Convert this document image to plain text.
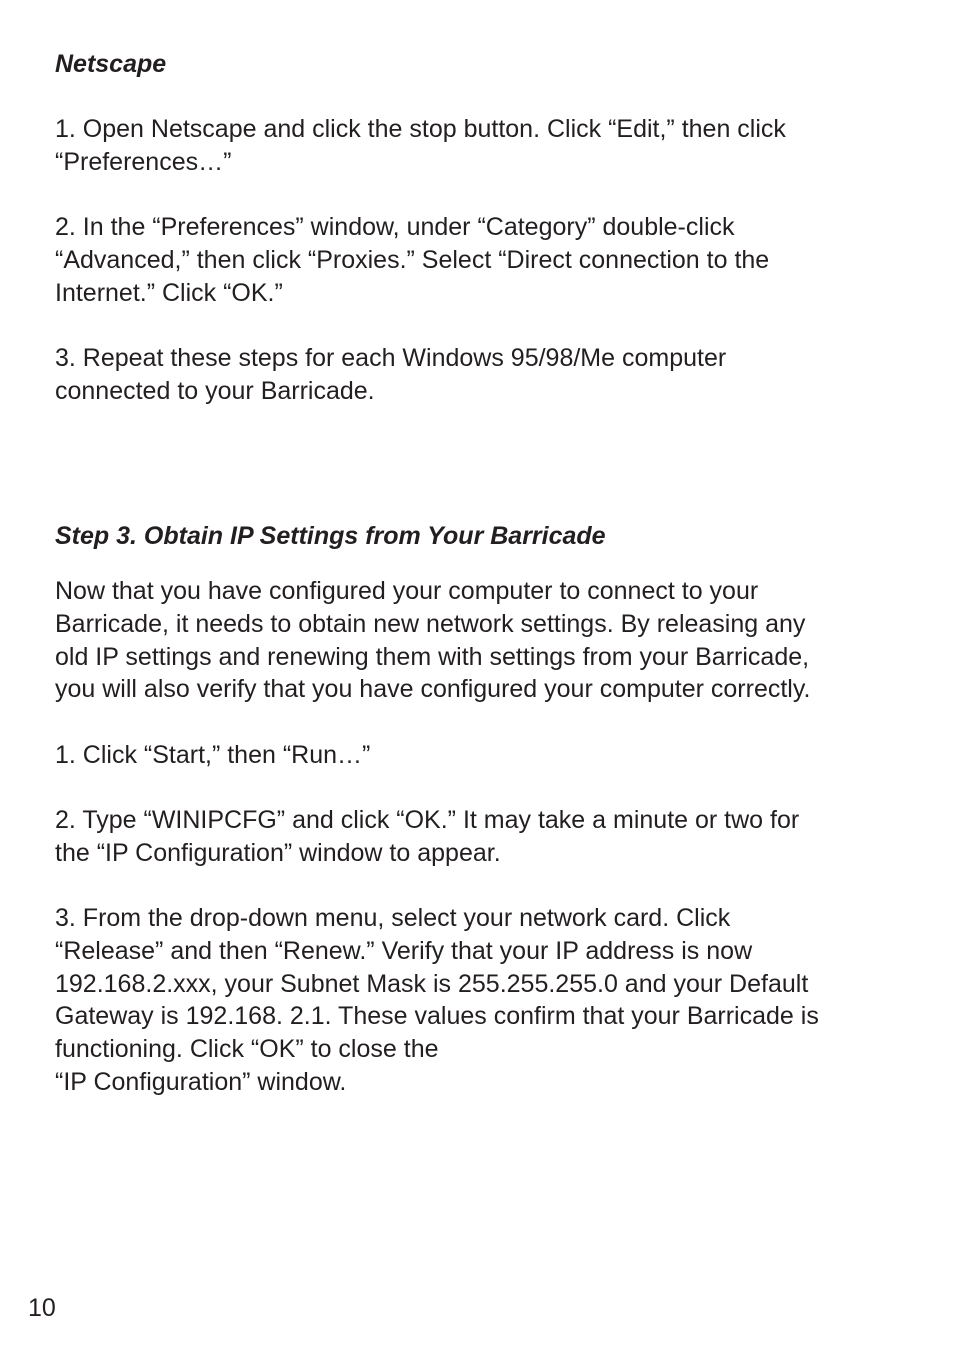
Netscape

1. Open Netscape and click the stop button. Click “Edit,” then click
“Preferences…”

2. In the “Preferences” window, under “Category” double-click
“Advanced,” then click “Proxies.” Select “Direct connection to the
Internet.” Click “OK.”

3. Repeat these steps for each Windows 95/98/Me computer
connected to your Barricade.

Step 3. Obtain IP Settings from Your Barricade

Now that you have configured your computer to connect to your
Barricade, it needs to obtain new network settings. By releasing any
old IP settings and renewing them with settings from your Barricade,
you will also verify that you have configured your computer correctly.

1. Click “Start,” then “Run…”

2. Type “WINIPCFG” and click “OK.” It may take a minute or two for
the “IP Configuration” window to appear.

3. From the drop-down menu, select your network card. Click
“Release” and then “Renew.” Verify that your IP address is now
192.168.2.xxx, your Subnet Mask is 255.255.255.0 and your Default
Gateway is 192.168. 2.1. These values confirm that your Barricade is
functioning. Click “OK” to close the
“IP Configuration” window.

10
